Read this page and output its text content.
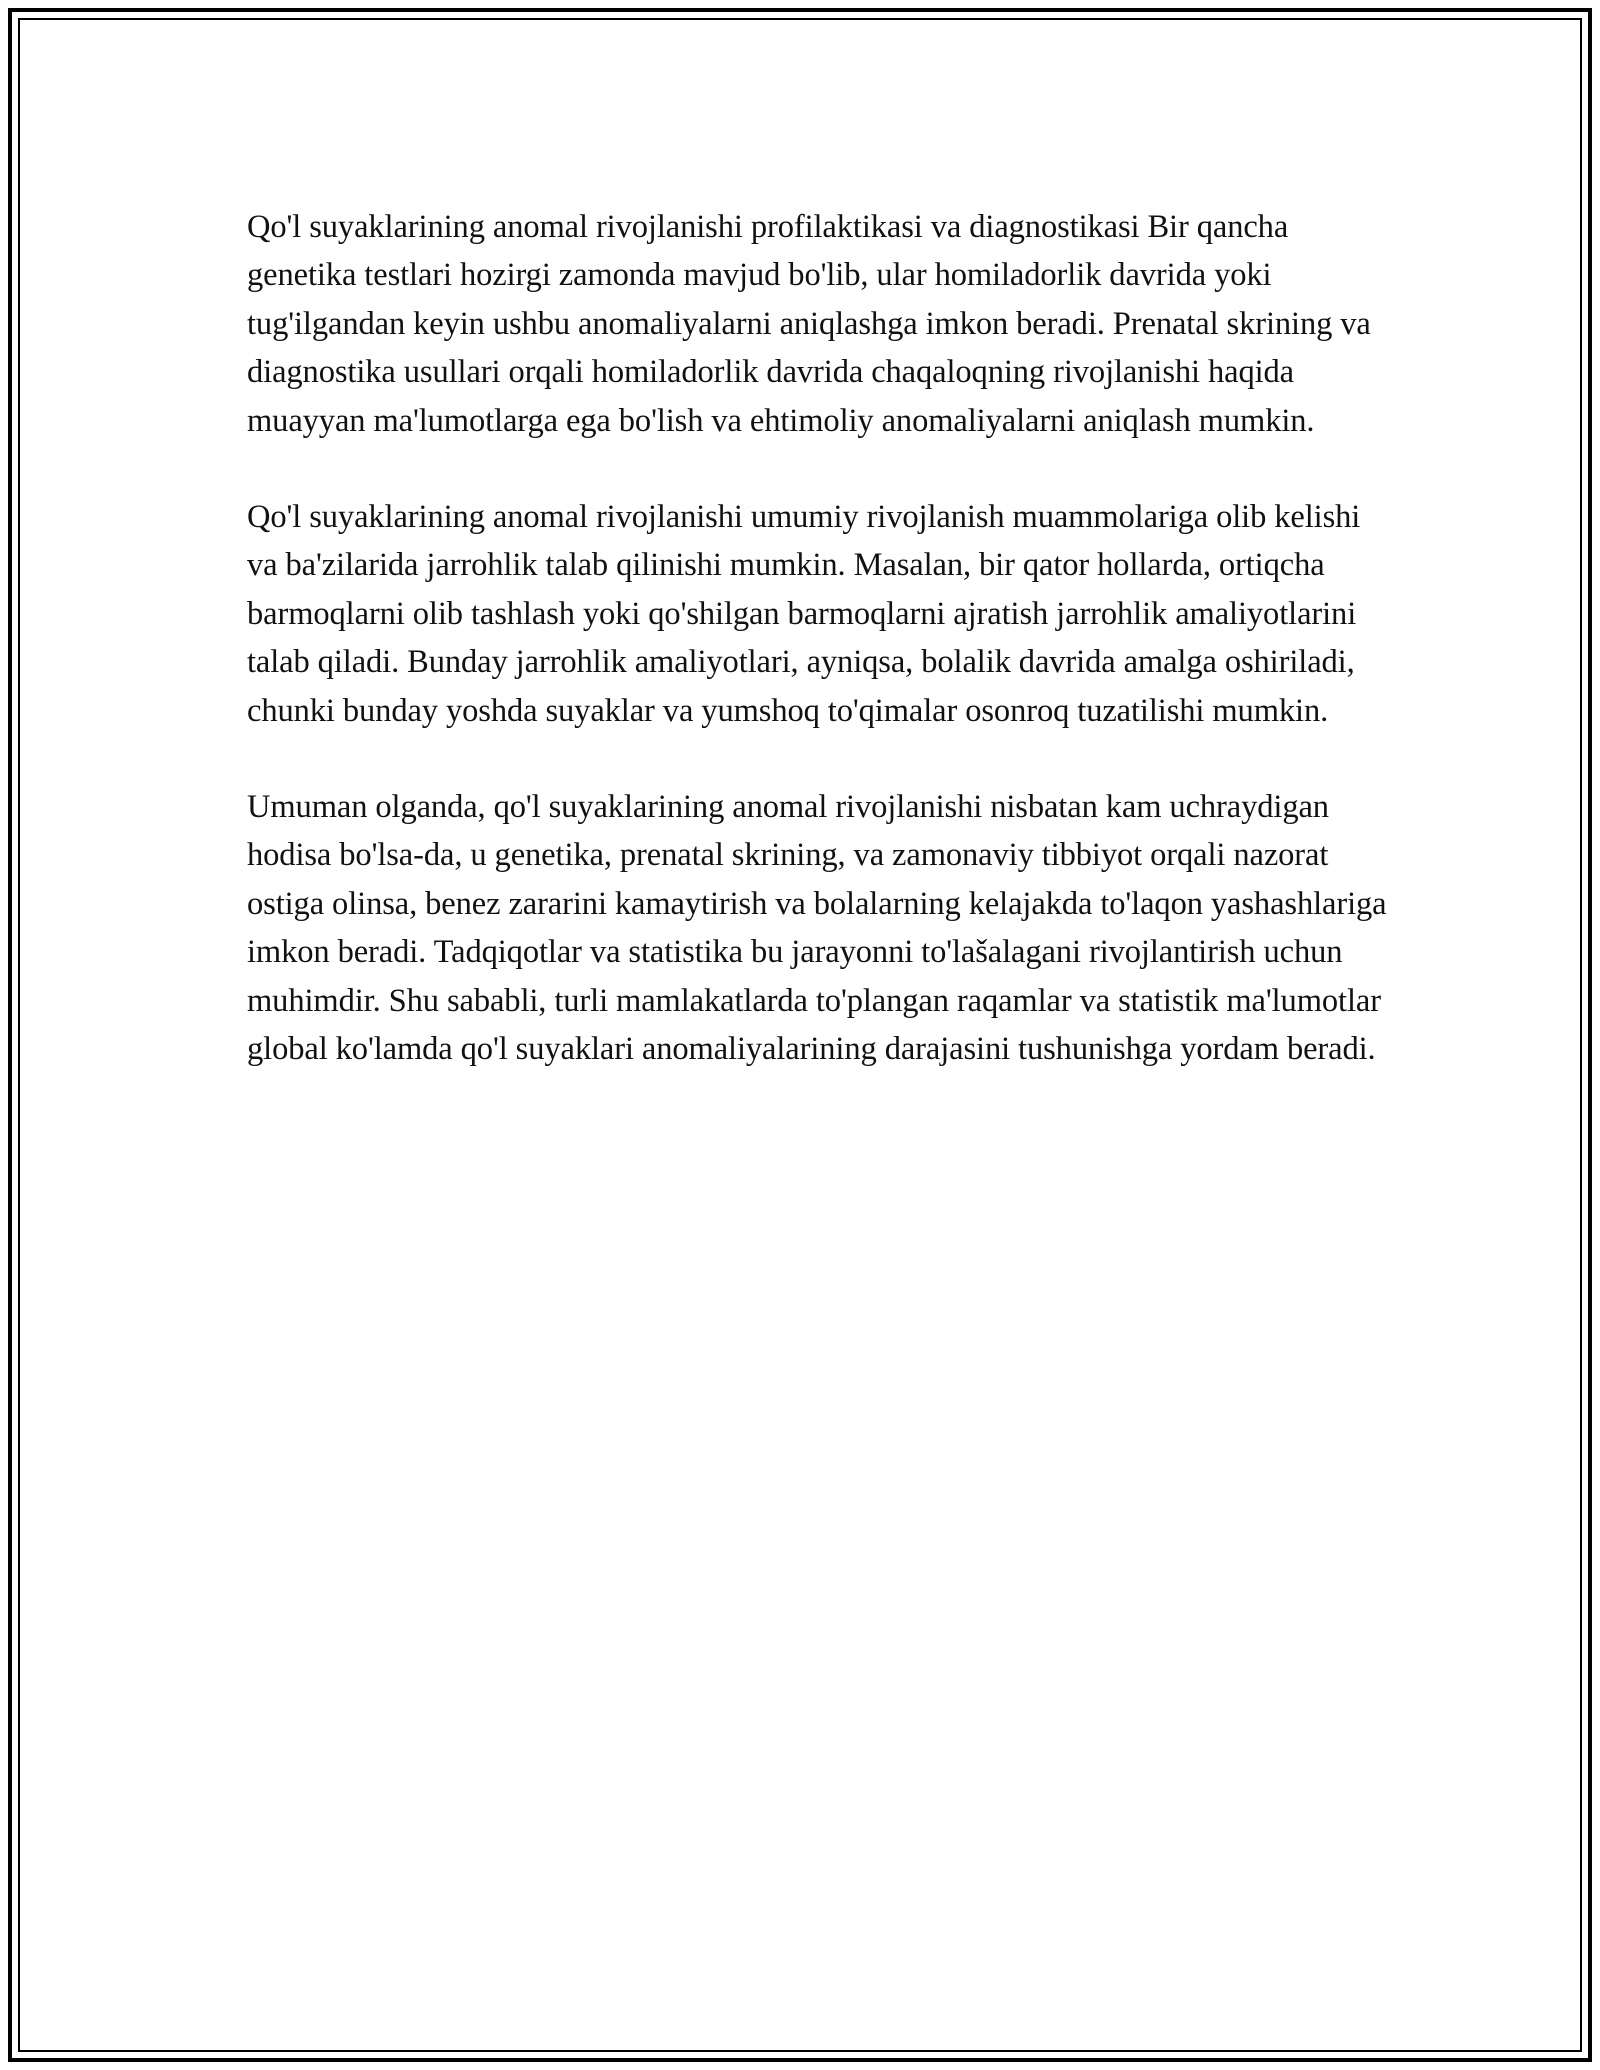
Qo'l suyaklarining anomal rivojlanishi profilaktikasi va diagnostikasi Bir qancha genetika testlari hozirgi zamonda mavjud bo'lib, ular homiladorlik davrida yoki tug'ilgandan keyin ushbu anomaliyalarni aniqlashga imkon beradi. Prenatal skrining va diagnostika usullari orqali homiladorlik davrida chaqaloqning rivojlanishi haqida muayyan ma'lumotlarga ega bo'lish va ehtimoliy anomaliyalarni aniqlash mumkin.

Qo'l suyaklarining anomal rivojlanishi umumiy rivojlanish muammolariga olib kelishi va ba'zilarida jarrohlik talab qilinishi mumkin. Masalan, bir qator hollarda, ortiqcha barmoqlarni olib tashlash yoki qo'shilgan barmoqlarni ajratish jarrohlik amaliyotlarini talab qiladi. Bunday jarrohlik amaliyotlari, ayniqsa, bolalik davrida amalga oshiriladi, chunki bunday yoshda suyaklar va yumshoq to'qimalar osonroq tuzatilishi mumkin.

Umuman olganda, qo'l suyaklarining anomal rivojlanishi nisbatan kam uchraydigan hodisa bo'lsa-da, u genetika, prenatal skrining, va zamonaviy tibbiyot orqali nazorat ostiga olinsa, benez zararini kamaytirish va bolalarning kelajakda to'laqon yashashlariga imkon beradi. Tadqiqotlar va statistika bu jarayonni to'lašalagani rivojlantirish uchun muhimdir. Shu sababli, turli mamlakatlarda to'plangan raqamlar va statistik ma'lumotlar global ko'lamda qo'l suyaklari anomaliyalarining darajasini tushunishga yordam beradi.
